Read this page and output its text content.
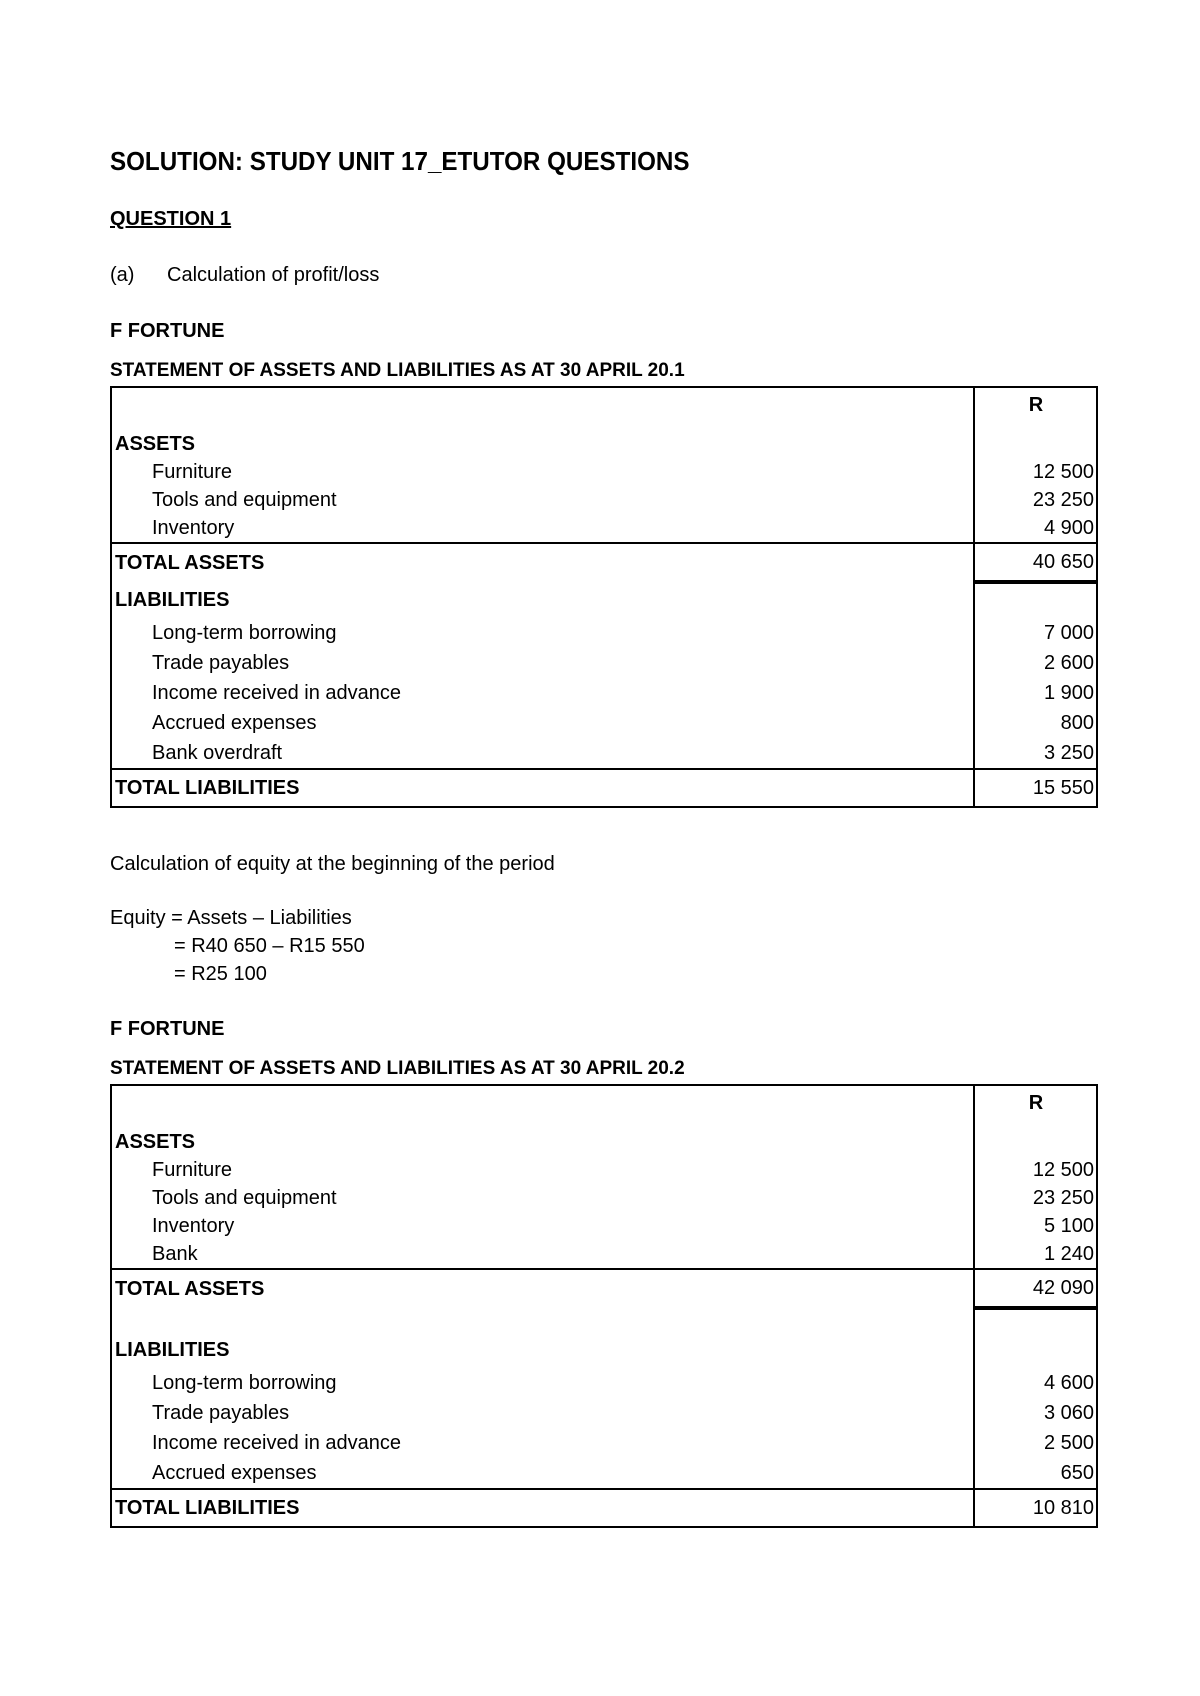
SOLUTION: STUDY UNIT 17_ETUTOR QUESTIONS
QUESTION 1
(a) Calculation of profit/loss
F FORTUNE
STATEMENT OF ASSETS AND LIABILITIES AS AT 30 APRIL 20.1
	R
ASSETS	
Furniture	12 500
Tools and equipment	23 250
Inventory	4 900
TOTAL ASSETS	40 650
LIABILITIES	
Long-term borrowing	7 000
Trade payables	2 600
Income received in advance	1 900
Accrued expenses	800
Bank overdraft	3 250
TOTAL LIABILITIES	15 550
Calculation of equity at the beginning of the period
Equity = Assets – Liabilities
= R40 650 – R15 550
= R25 100
F FORTUNE
STATEMENT OF ASSETS AND LIABILITIES AS AT 30 APRIL 20.2
	R
ASSETS	
Furniture	12 500
Tools and equipment	23 250
Inventory	5 100
Bank	1 240
TOTAL ASSETS	42 090

LIABILITIES	
Long-term borrowing	4 600
Trade payables	3 060
Income received in advance	2 500
Accrued expenses	650
TOTAL LIABILITIES	10 810
